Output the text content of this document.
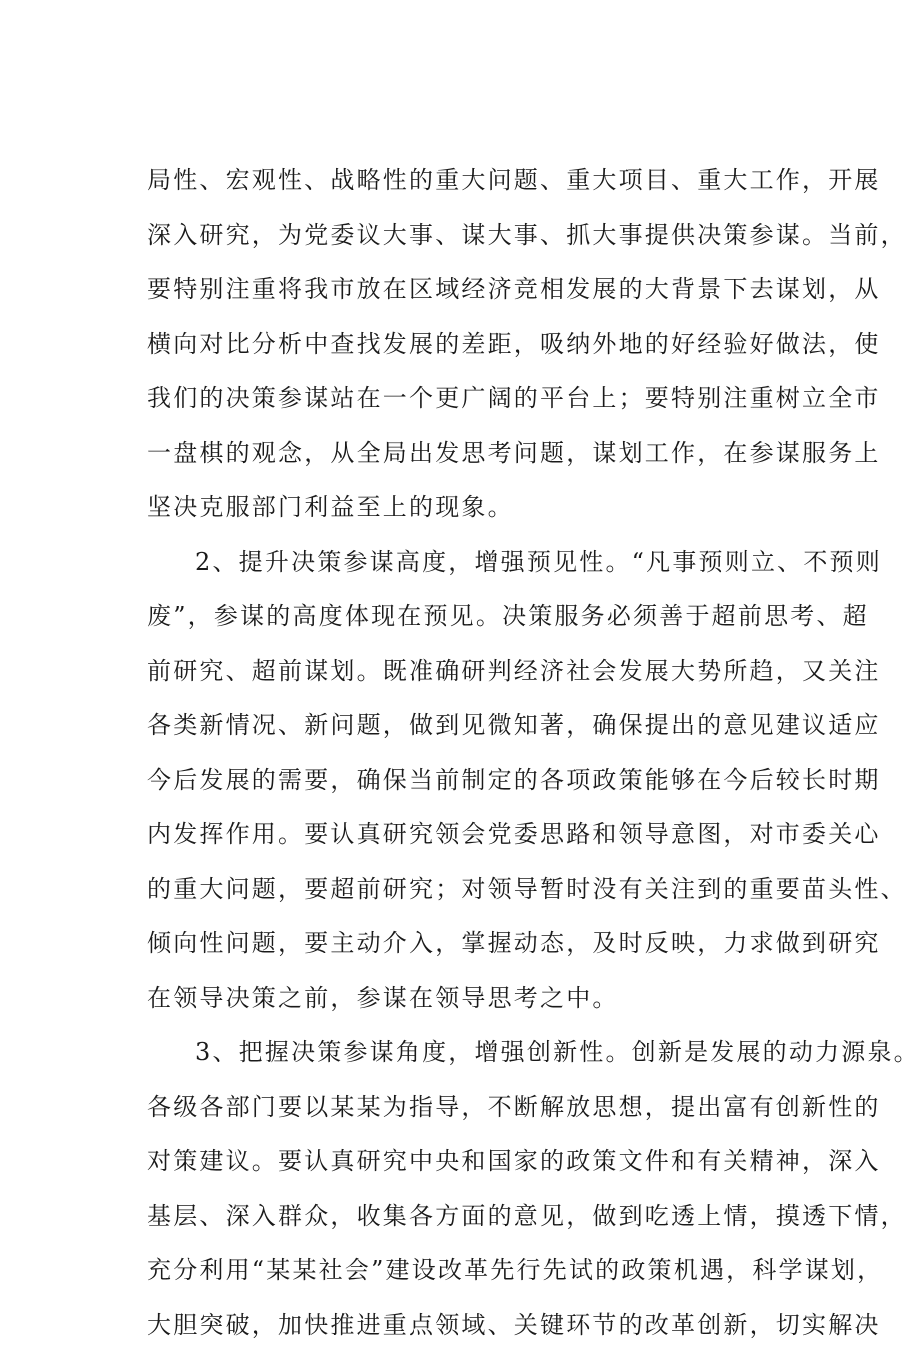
局性、宏观性、战略性的重大问题、重大项目、重大工作，开展
深入研究，为党委议大事、谋大事、抓大事提供决策参谋。当前，
要特别注重将我市放在区域经济竞相发展的大背景下去谋划，从
横向对比分析中查找发展的差距，吸纳外地的好经验好做法，使
我们的决策参谋站在一个更广阔的平台上；要特别注重树立全市
一盘棋的观念，从全局出发思考问题，谋划工作，在参谋服务上
坚决克服部门利益至上的现象。
2、提升决策参谋高度，增强预见性。“凡事预则立、不预则
废”，参谋的高度体现在预见。决策服务必须善于超前思考、超
前研究、超前谋划。既准确研判经济社会发展大势所趋，又关注
各类新情况、新问题，做到见微知著，确保提出的意见建议适应
今后发展的需要，确保当前制定的各项政策能够在今后较长时期
内发挥作用。要认真研究领会党委思路和领导意图，对市委关心
的重大问题，要超前研究；对领导暂时没有关注到的重要苗头性、
倾向性问题，要主动介入，掌握动态，及时反映，力求做到研究
在领导决策之前，参谋在领导思考之中。
3、把握决策参谋角度，增强创新性。创新是发展的动力源泉。
各级各部门要以某某为指导，不断解放思想，提出富有创新性的
对策建议。要认真研究中央和国家的政策文件和有关精神，深入
基层、深入群众，收集各方面的意见，做到吃透上情，摸透下情，
充分利用“某某社会”建设改革先行先试的政策机遇，科学谋划，
大胆突破，加快推进重点领域、关键环节的改革创新，切实解决
